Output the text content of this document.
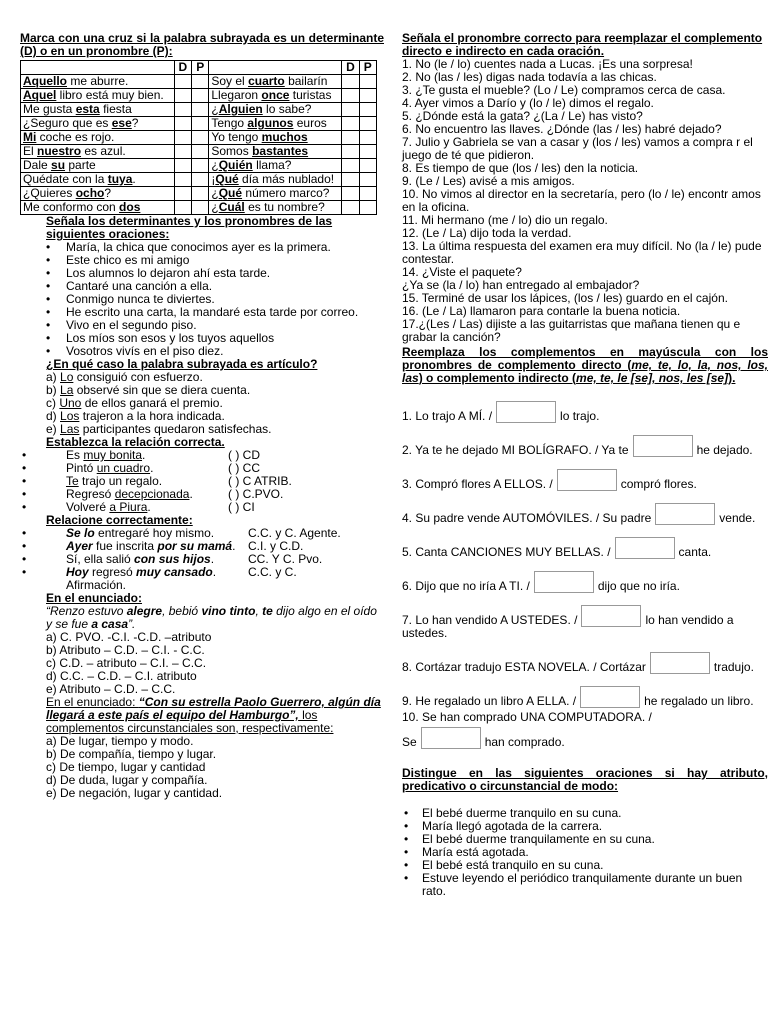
Marca con una cruz si la palabra subrayada es un determinante (D) o en un pronombre (P):

	D	P		D	P
Aquello me aburre.			Soy el cuarto bailarín		
Aquel libro está muy bien.			Llegaron once turistas		
Me gusta esta fiesta			¿Alguien lo sabe?		
¿Seguro que es ese?			Tengo algunos euros		
Mi coche es rojo.			Yo tengo muchos		
El nuestro es azul.			Somos bastantes		
Dale su parte			¿Quién llama?		
Quédate con la tuya.			¡Qué día más nublado!		
¿Quieres ocho?			¿Qué número marco?		
Me conformo con dos			¿Cuál es tu nombre?		

Señala los determinantes y los pronombres de las siguientes oraciones:

• María, la chica que conocimos ayer es la primera.
• Este chico es mi amigo
• Los alumnos lo dejaron ahí esta tarde.
• Cantaré una canción a ella.
• Conmigo nunca te diviertes.
• He escrito una carta, la mandaré esta tarde por correo.
• Vivo en el segundo piso.
• Los míos son esos y los tuyos aquellos
• Vosotros vivís en el piso diez.

¿En qué caso la palabra subrayada es artículo?

a) Lo consiguió con esfuerzo.

b) La observé sin que se diera cuenta.

c) Uno de ellos ganará el premio.

d) Los trajeron a la hora indicada.

e) Las participantes quedaron satisfechas.

Establezca la relación correcta.

•	Es muy bonita.	( ) CD
•	Pintó un cuadro.	( ) CC
•	Te trajo un regalo.	( ) C ATRIB.
•	Regresó decepcionada.	( ) C.PVO.
•	Volveré a Piura.	( ) CI

Relacione correctamente:

•	Se lo entregaré hoy mismo.	C.C. y C. Agente.
•	Ayer fue inscrita por su mamá.	C.I. y C.D.
•	Sí, ella salió con sus hijos.	CC. Y C. Pvo.
•	Hoy regresó muy cansado.	C.C. y C.

Afirmación.

En el enunciado:

“Renzo estuvo alegre, bebió vino tinto, te dijo algo en el oído y se fue a casa”.

a) C. PVO. -C.I. -C.D. –atributo

b) Atributo – C.D. – C.I. - C.C.

c) C.D. – atributo – C.I. – C.C.

d) C.C. – C.D. – C.I. atributo

e) Atributo – C.D. – C.C.

En el enunciado: “Con su estrella Paolo Guerrero, algún día llegará a este país el equipo del Hamburgo”, los complementos circunstanciales son, respectivamente:

a) De lugar, tiempo y modo.

b) De compañía, tiempo y lugar.

c) De tiempo, lugar y cantidad

d) De duda, lugar y compañía.

e) De negación, lugar y cantidad.

Señala el pronombre correcto para reemplazar el complemento directo e indirecto en cada oración.

1. No (le / lo) cuentes nada a Lucas. ¡Es una sorpresa!

2. No (las / les) digas nada todavía a las chicas.

3. ¿Te gusta el mueble? (Lo / Le) compramos cerca de casa.

4. Ayer vimos a Darío y (lo / le) dimos el regalo.

5. ¿Dónde está la gata? ¿(La / Le) has visto?

6. No encuentro las llaves. ¿Dónde (las / les) habré dejado?

7. Julio y Gabriela se van a casar y (los / les) vamos a compra r el juego de té que pidieron.

8. Es tiempo de que (los / les) den la noticia.

9. (Le / Les) avisé a mis amigos.

10. No vimos al director en la secretaría, pero (lo / le) encontr amos en la oficina.

11. Mi hermano (me / lo) dio un regalo.

12. (Le / La) dijo toda la verdad.

13. La última respuesta del examen era muy difícil. No (la / le) pude contestar.

14. ¿Viste el paquete?

¿Ya se (la / lo) han entregado al embajador?

15. Terminé de usar los lápices, (los / les) guardo en el cajón.

16. (Le / La) llamaron para contarle la buena noticia.

17.¿(Les / Las) dijiste a las guitarristas que mañana tienen qu e grabar la canción?

Reemplaza los complementos en mayúscula con los pronombres de complemento directo (me, te, lo, la, nos, los, las) o complemento indirecto (me, te, le [se], nos, les [se]).

1. Lo trajo A MÍ. /	lo trajo.
2. Ya te he dejado MI BOLÍGRAFO. / Ya te	he dejado.
3. Compró flores A ELLOS. /	compró flores.
4. Su padre vende AUTOMÓVILES. / Su padre	vende.
5. Canta CANCIONES MUY BELLAS. /	canta.
6. Dijo que no iría A TI. /	dijo que no iría.
7. Lo han vendido A USTEDES. /	lo han vendido a ustedes.
8. Cortázar tradujo ESTA NOVELA. / Cortázar	tradujo.
9. He regalado un libro A ELLA. /	he regalado un libro.

10. Se han comprado UNA COMPUTADORA. /

Se	han comprado.

Distingue en las siguientes oraciones si hay atributo, predicativo o circunstancial de modo:

• El bebé duerme tranquilo en su cuna.
• María llegó agotada de la carrera.
• El bebé duerme tranquilamente en su cuna.
• María está agotada.
• El bebé está tranquilo en su cuna.
• Estuve leyendo el periódico tranquilamente durante un buen rato.
